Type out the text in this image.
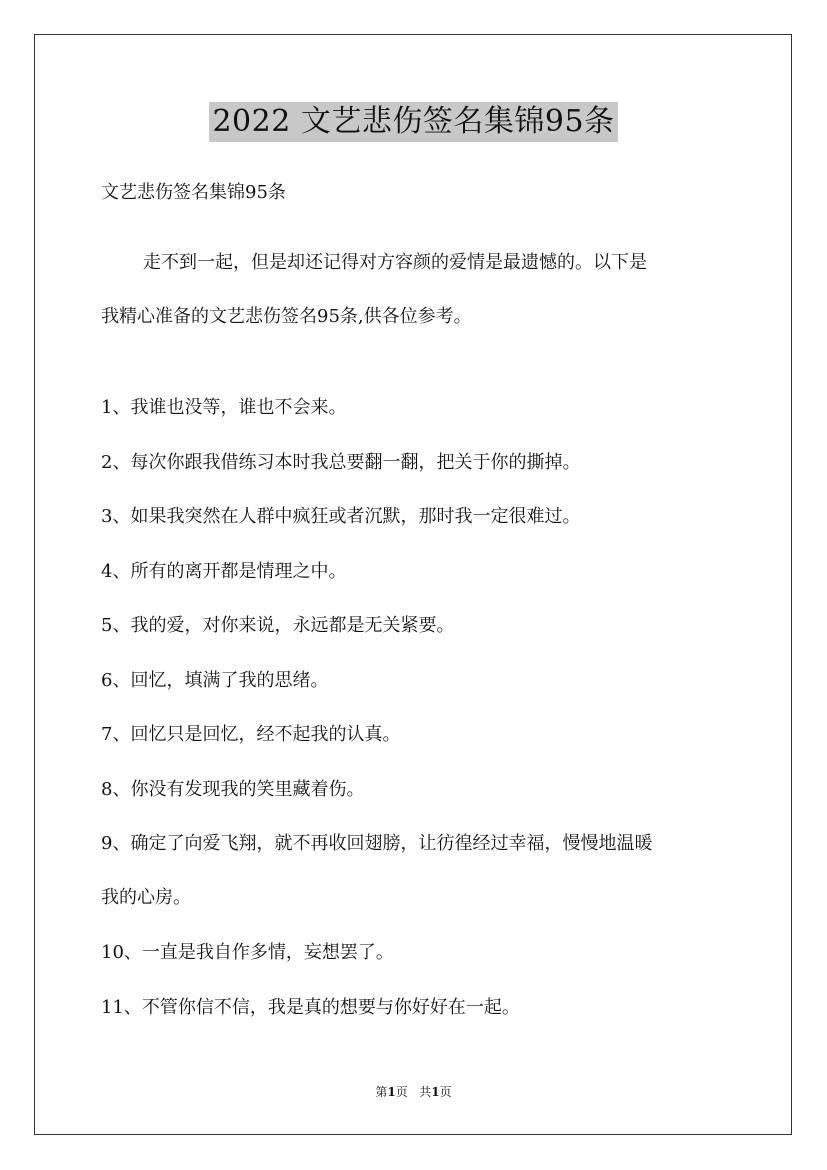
2022 文艺悲伤签名集锦95条
文艺悲伤签名集锦95条
走不到一起，但是却还记得对方容颜的爱情是最遗憾的。以下是
我精心准备的文艺悲伤签名95条,供各位参考。
1、我谁也没等，谁也不会来。
2、每次你跟我借练习本时我总要翻一翻，把关于你的撕掉。
3、如果我突然在人群中疯狂或者沉默，那时我一定很难过。
4、所有的离开都是情理之中。
5、我的爱，对你来说，永远都是无关紧要。
6、回忆，填满了我的思绪。
7、回忆只是回忆，经不起我的认真。
8、你没有发现我的笑里藏着伤。
9、确定了向爱飞翔，就不再收回翅膀，让彷徨经过幸福，慢慢地温暖
我的心房。
10、一直是我自作多情，妄想罢了。
11、不管你信不信，我是真的想要与你好好在一起。
第1页 共1页
